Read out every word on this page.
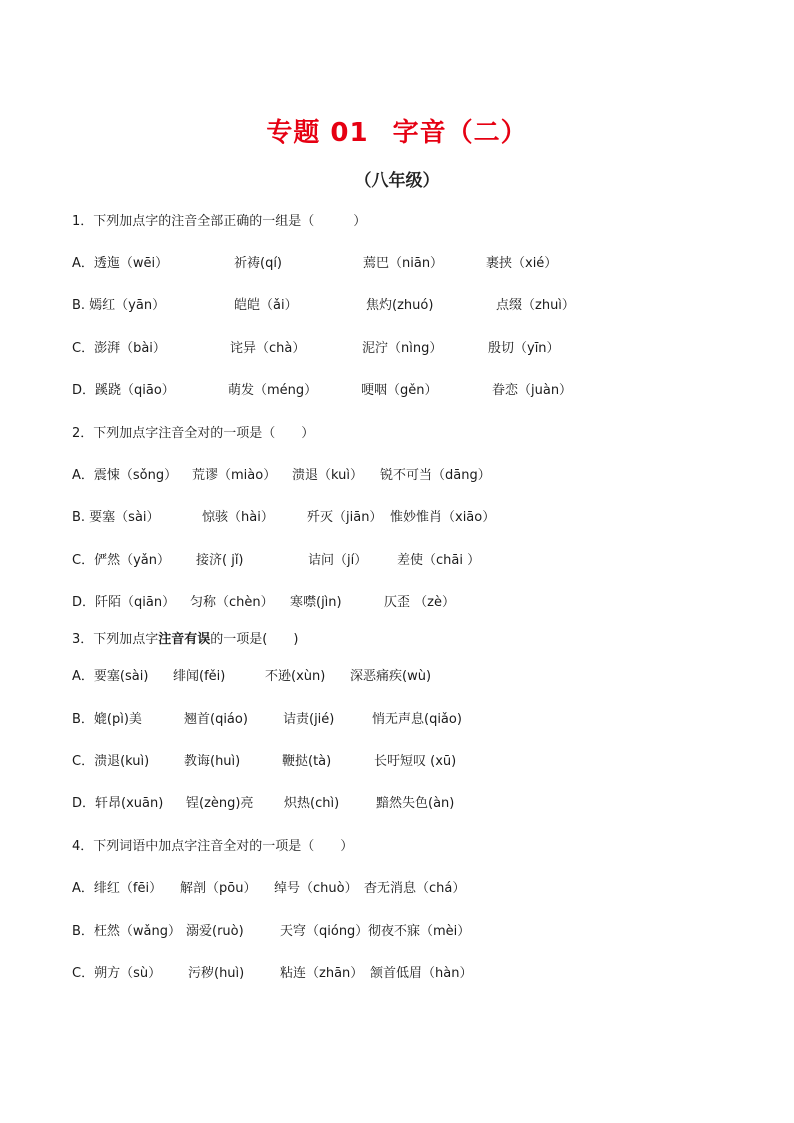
专题 01 字音（二）
（八年级）
1．下列加点字的注音全部正确的一组是（　　　）
A．透迤（wēi）	祈祷(qí)	蔫巴（niān）	裹挟（xié）
B. 嫣红（yān）	皑皑（ǎi）	焦灼(zhuó)	点缀（zhuì）
C．澎湃（bài）	诧异（chà）	泥泞（nìng）	殷切（yīn）
D．蹊跷（qiāo）	萌发（méng）	哽咽（gěn）	眷恋（juàn）
2．下列加点字注音全对的一项是（　　）
A．震悚（sǒng） 荒谬（miào） 溃退（kuì） 锐不可当（dāng）
B. 要塞（sài）	惊骇（hài）	歼灭（jiān） 惟妙惟肖（xiāo）
C．俨然（yǎn） 接济( jǐ)	诘问（jí） 差使（chāi ）
D．阡陌（qiān） 匀称（chèn） 寒噤(jìn)	仄歪 （zè）
3．下列加点字注音有误的一项是(　　)
A．要塞(sài) 绯闻(fěi)	不逊(xùn) 深恶痛疾(wù)
B．媲(pì)美	翘首(qiáo)	诘责(jié)	悄无声息(qiǎo)
C．溃退(kuì)	教诲(huì)	鞭挞(tà)	长吁短叹 (xū)
D．轩昂(xuān) 锃(zèng)亮 炽热(chì)	黯然失色(àn)
4．下列词语中加点字注音全对的一项是（　　）
A．绯红（fēi） 解剖（pōu） 绰号（chuò） 杳无消息（chá）
B．枉然（wǎng） 溺爱(ruò)	天穹（qióng） 彻夜不寐（mèi）
C．朔方（sù） 污秽(huì)	粘连（zhān） 颔首低眉（hàn）
